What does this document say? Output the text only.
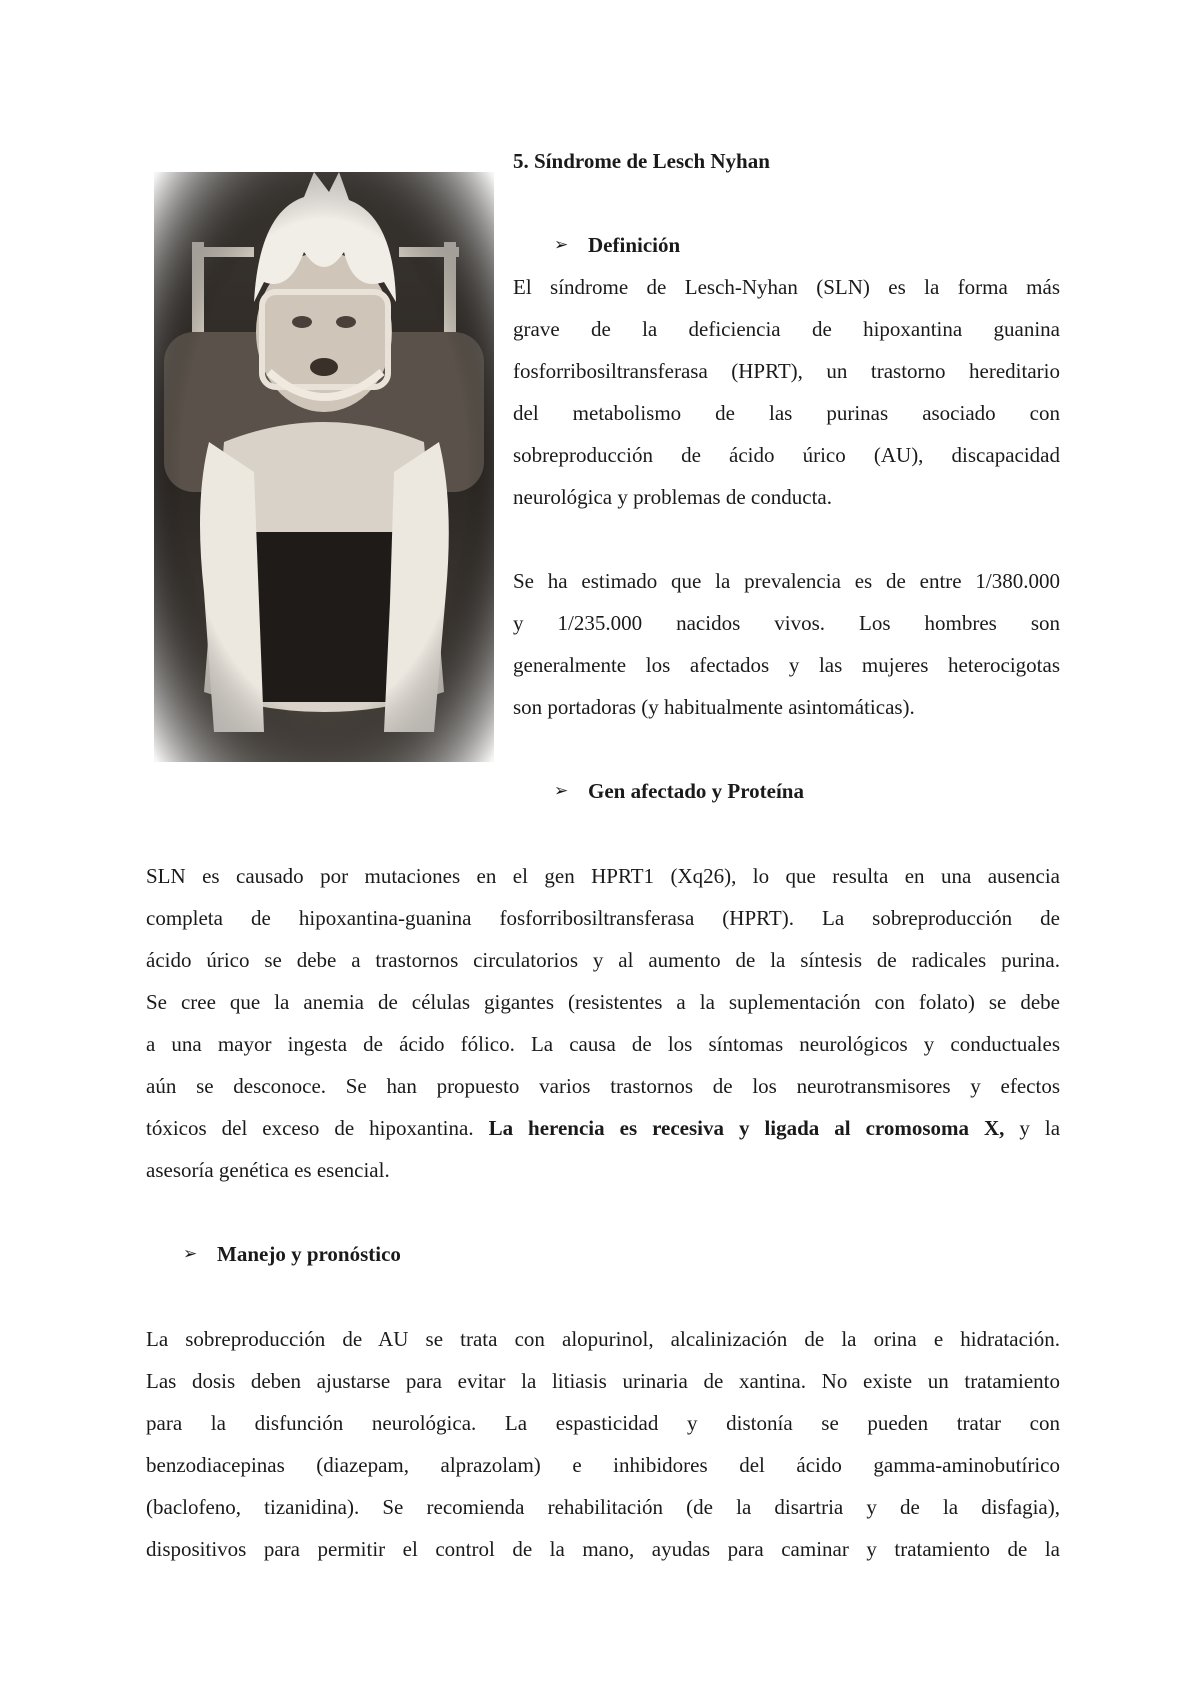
5. Síndrome de Lesch Nyhan
➢ Definición

El síndrome de Lesch-Nyhan (SLN) es la forma más
grave de la deficiencia de hipoxantina guanina
fosforribosiltransferasa (HPRT), un trastorno hereditario
del metabolismo de las purinas asociado con
sobreproducción de ácido úrico (AU), discapacidad
neurológica y problemas de conducta.

Se ha estimado que la prevalencia es de entre 1/380.000
y 1/235.000 nacidos vivos. Los hombres son
generalmente los afectados y las mujeres heterocigotas
son portadoras (y habitualmente asintomáticas).

➢ Gen afectado y Proteína

SLN es causado por mutaciones en el gen HPRT1 (Xq26), lo que resulta en una ausencia
completa de hipoxantina-guanina fosforribosiltransferasa (HPRT). La sobreproducción de
ácido úrico se debe a trastornos circulatorios y al aumento de la síntesis de radicales purina.
Se cree que la anemia de células gigantes (resistentes a la suplementación con folato) se debe
a una mayor ingesta de ácido fólico. La causa de los síntomas neurológicos y conductuales
aún se desconoce. Se han propuesto varios trastornos de los neurotransmisores y efectos
tóxicos del exceso de hipoxantina. La herencia es recesiva y ligada al cromosoma X, y la
asesoría genética es esencial.

➢ Manejo y pronóstico

La sobreproducción de AU se trata con alopurinol, alcalinización de la orina e hidratación.
Las dosis deben ajustarse para evitar la litiasis urinaria de xantina. No existe un tratamiento
para la disfunción neurológica. La espasticidad y distonía se pueden tratar con
benzodiacepinas (diazepam, alprazolam) e inhibidores del ácido gamma-aminobutírico
(baclofeno, tizanidina). Se recomienda rehabilitación (de la disartria y de la disfagia),
dispositivos para permitir el control de la mano, ayudas para caminar y tratamiento de la
